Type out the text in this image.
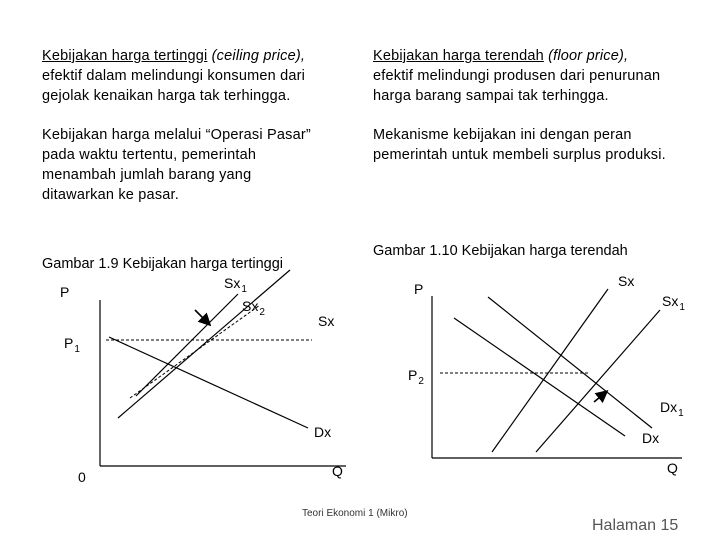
Kebijakan harga tertinggi (ceiling price),
efektif dalam melindungi konsumen dari
gejolak kenaikan harga tak terhingga.
Kebijakan harga terendah (floor price),
efektif melindungi produsen dari penurunan
harga barang sampai tak terhingga.
Kebijakan harga melalui “Operasi Pasar”
pada waktu tertentu, pemerintah
menambah jumlah barang yang
ditawarkan ke pasar.
Mekanisme kebijakan ini dengan peran
pemerintah untuk membeli surplus produksi.
Gambar 1.9 Kebijakan harga tertinggi
Gambar 1.10 Kebijakan harga terendah
P
$P_1$
$Sx_1$
$Sx_2$
Sx
Dx
0	Q
P
$P_2$
Sx
$Sx_1$
$Dx_1$
Dx
Q
Teori Ekonomi 1 (Mikro)
Halaman 15
